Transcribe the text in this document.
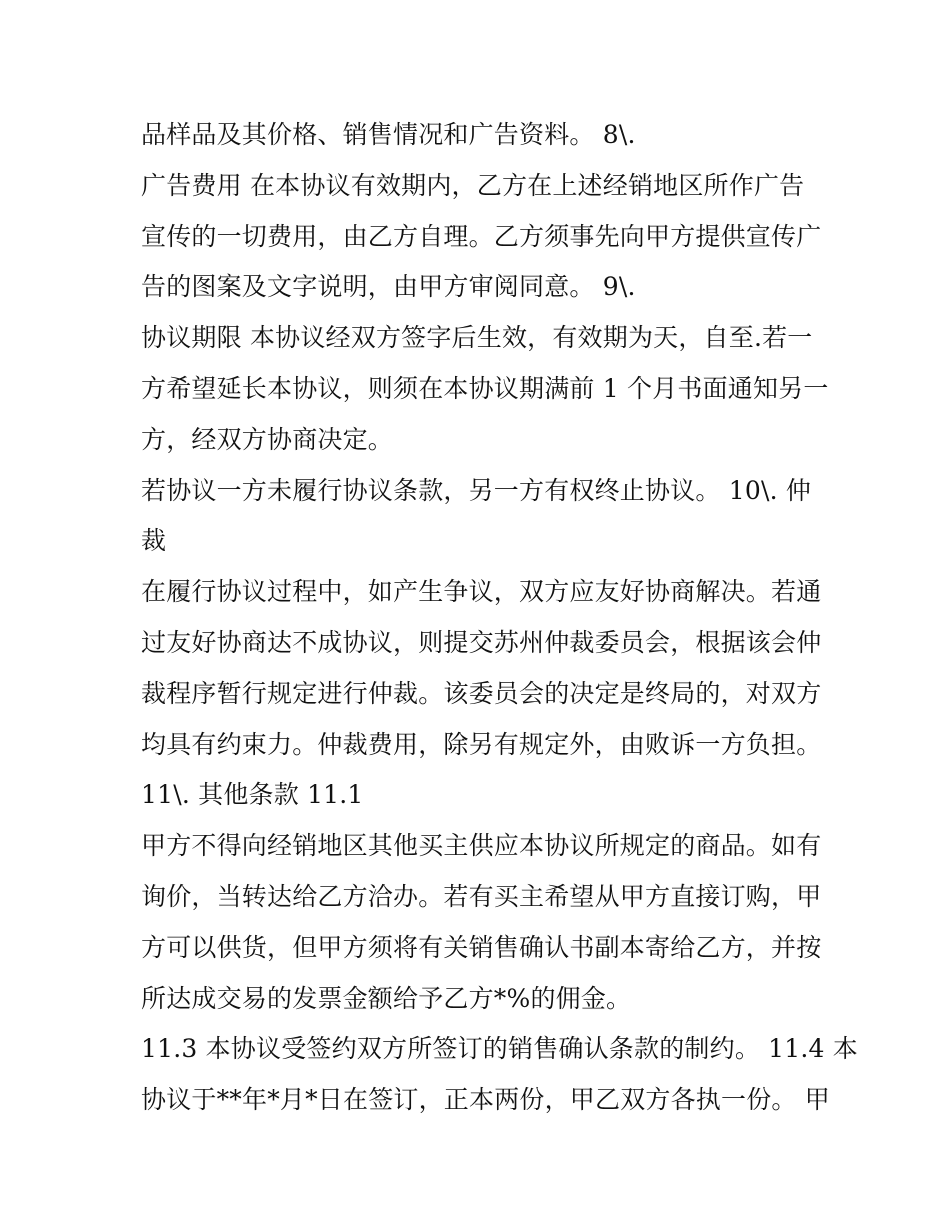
品样品及其价格、销售情况和广告资料。 8\.
广告费用 在本协议有效期内，乙方在上述经销地区所作广告
宣传的一切费用，由乙方自理。乙方须事先向甲方提供宣传广
告的图案及文字说明，由甲方审阅同意。 9\.
协议期限 本协议经双方签字后生效，有效期为天，自至.若一
方希望延长本协议，则须在本协议期满前 1 个月书面通知另一
方，经双方协商决定。
若协议一方未履行协议条款，另一方有权终止协议。 10\. 仲
裁
在履行协议过程中，如产生争议，双方应友好协商解决。若通
过友好协商达不成协议，则提交苏州仲裁委员会，根据该会仲
裁程序暂行规定进行仲裁。该委员会的决定是终局的，对双方
均具有约束力。仲裁费用，除另有规定外，由败诉一方负担。
11\. 其他条款 11.1
甲方不得向经销地区其他买主供应本协议所规定的商品。如有
询价，当转达给乙方洽办。若有买主希望从甲方直接订购，甲
方可以供货，但甲方须将有关销售确认书副本寄给乙方，并按
所达成交易的发票金额给予乙方*%的佣金。
11.3 本协议受签约双方所签订的销售确认条款的制约。 11.4 本
协议于**年*月*日在签订，正本两份，甲乙双方各执一份。 甲
